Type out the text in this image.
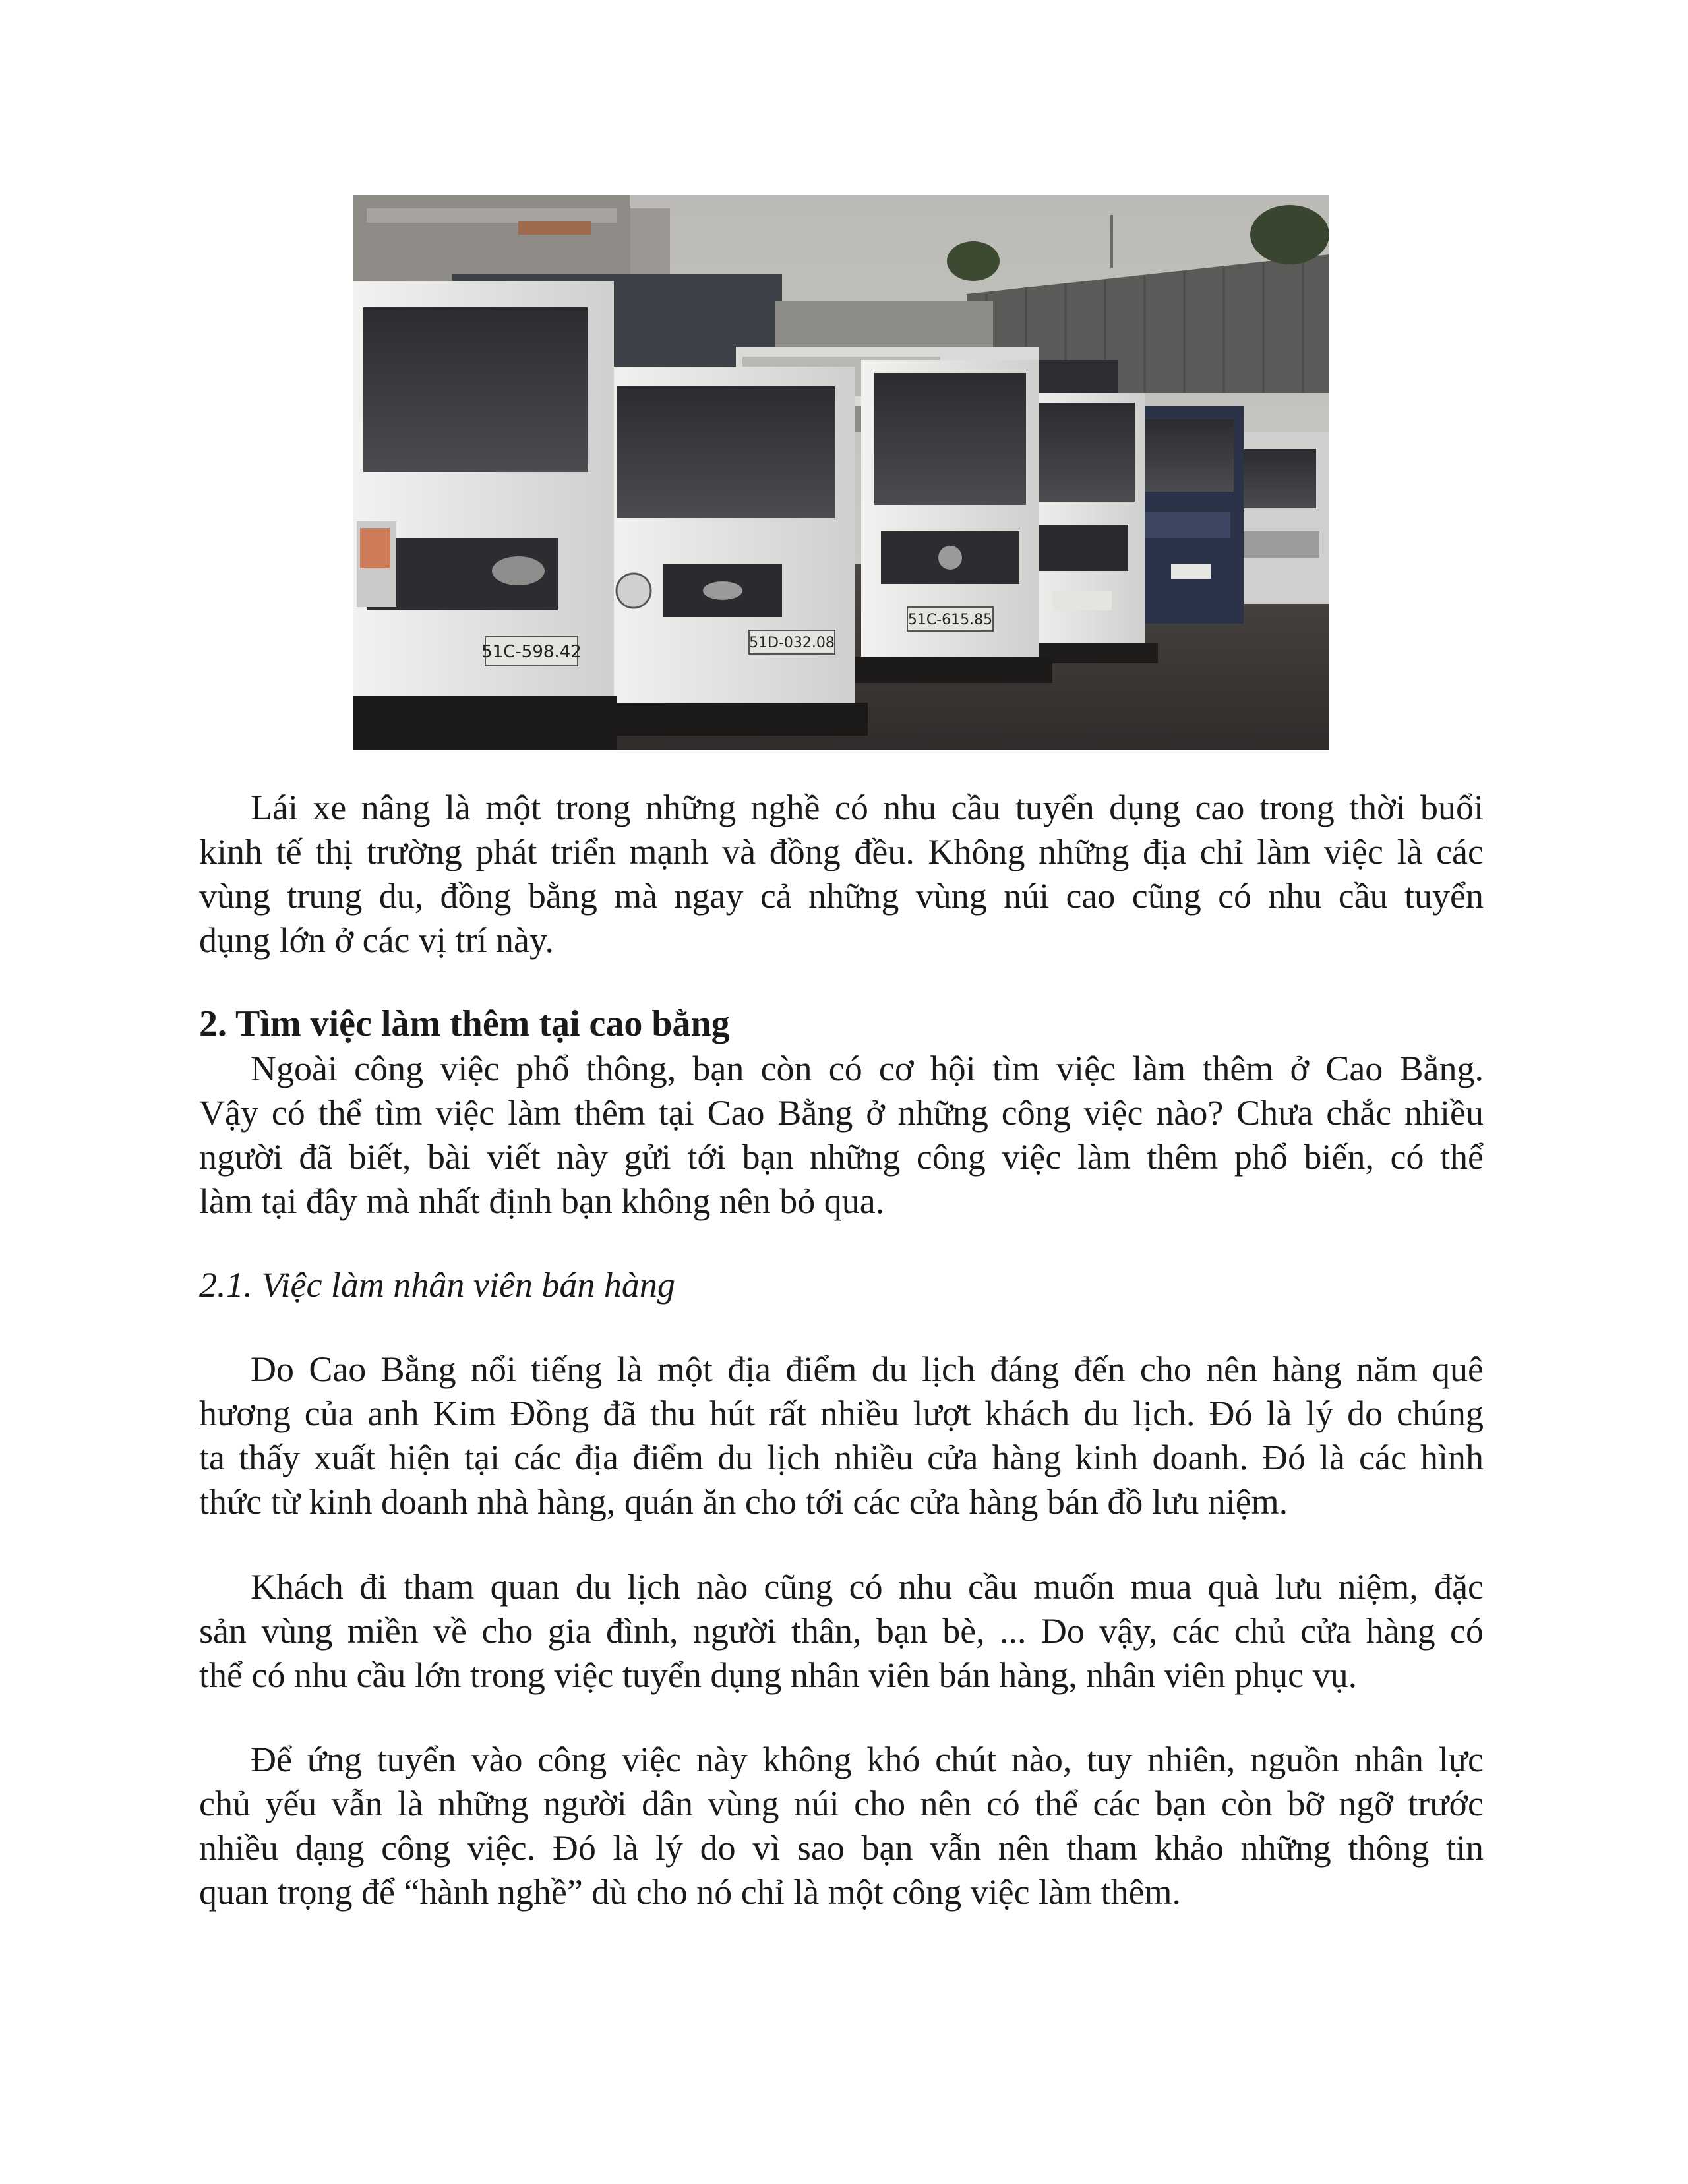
51C-615.85
51D-032.08
51C-598.42
Lái xe nâng là một trong những nghề có nhu cầu tuyển dụng cao trong thời buổi
kinh tế thị trường phát triển mạnh và đồng đều. Không những địa chỉ làm việc là các
vùng trung du, đồng bằng mà ngay cả những vùng núi cao cũng có nhu cầu tuyển
dụng lớn ở các vị trí này.
2. Tìm việc làm thêm tại cao bằng
Ngoài công việc phổ thông, bạn còn có cơ hội tìm việc làm thêm ở Cao Bằng.
Vậy có thể tìm việc làm thêm tại Cao Bằng ở những công việc nào? Chưa chắc nhiều
người đã biết, bài viết này gửi tới bạn những công việc làm thêm phổ biến, có thể
làm tại đây mà nhất định bạn không nên bỏ qua.
2.1. Việc làm nhân viên bán hàng
Do Cao Bằng nổi tiếng là một địa điểm du lịch đáng đến cho nên hàng năm quê
hương của anh Kim Đồng đã thu hút rất nhiều lượt khách du lịch. Đó là lý do chúng
ta thấy xuất hiện tại các địa điểm du lịch nhiều cửa hàng kinh doanh. Đó là các hình
thức từ kinh doanh nhà hàng, quán ăn cho tới các cửa hàng bán đồ lưu niệm.
Khách đi tham quan du lịch nào cũng có nhu cầu muốn mua quà lưu niệm, đặc
sản vùng miền về cho gia đình, người thân, bạn bè, ... Do vậy, các chủ cửa hàng có
thể có nhu cầu lớn trong việc tuyển dụng nhân viên bán hàng, nhân viên phục vụ.
Để ứng tuyển vào công việc này không khó chút nào, tuy nhiên, nguồn nhân lực
chủ yếu vẫn là những người dân vùng núi cho nên có thể các bạn còn bỡ ngỡ trước
nhiều dạng công việc. Đó là lý do vì sao bạn vẫn nên tham khảo những thông tin
quan trọng để “hành nghề” dù cho nó chỉ là một công việc làm thêm.
